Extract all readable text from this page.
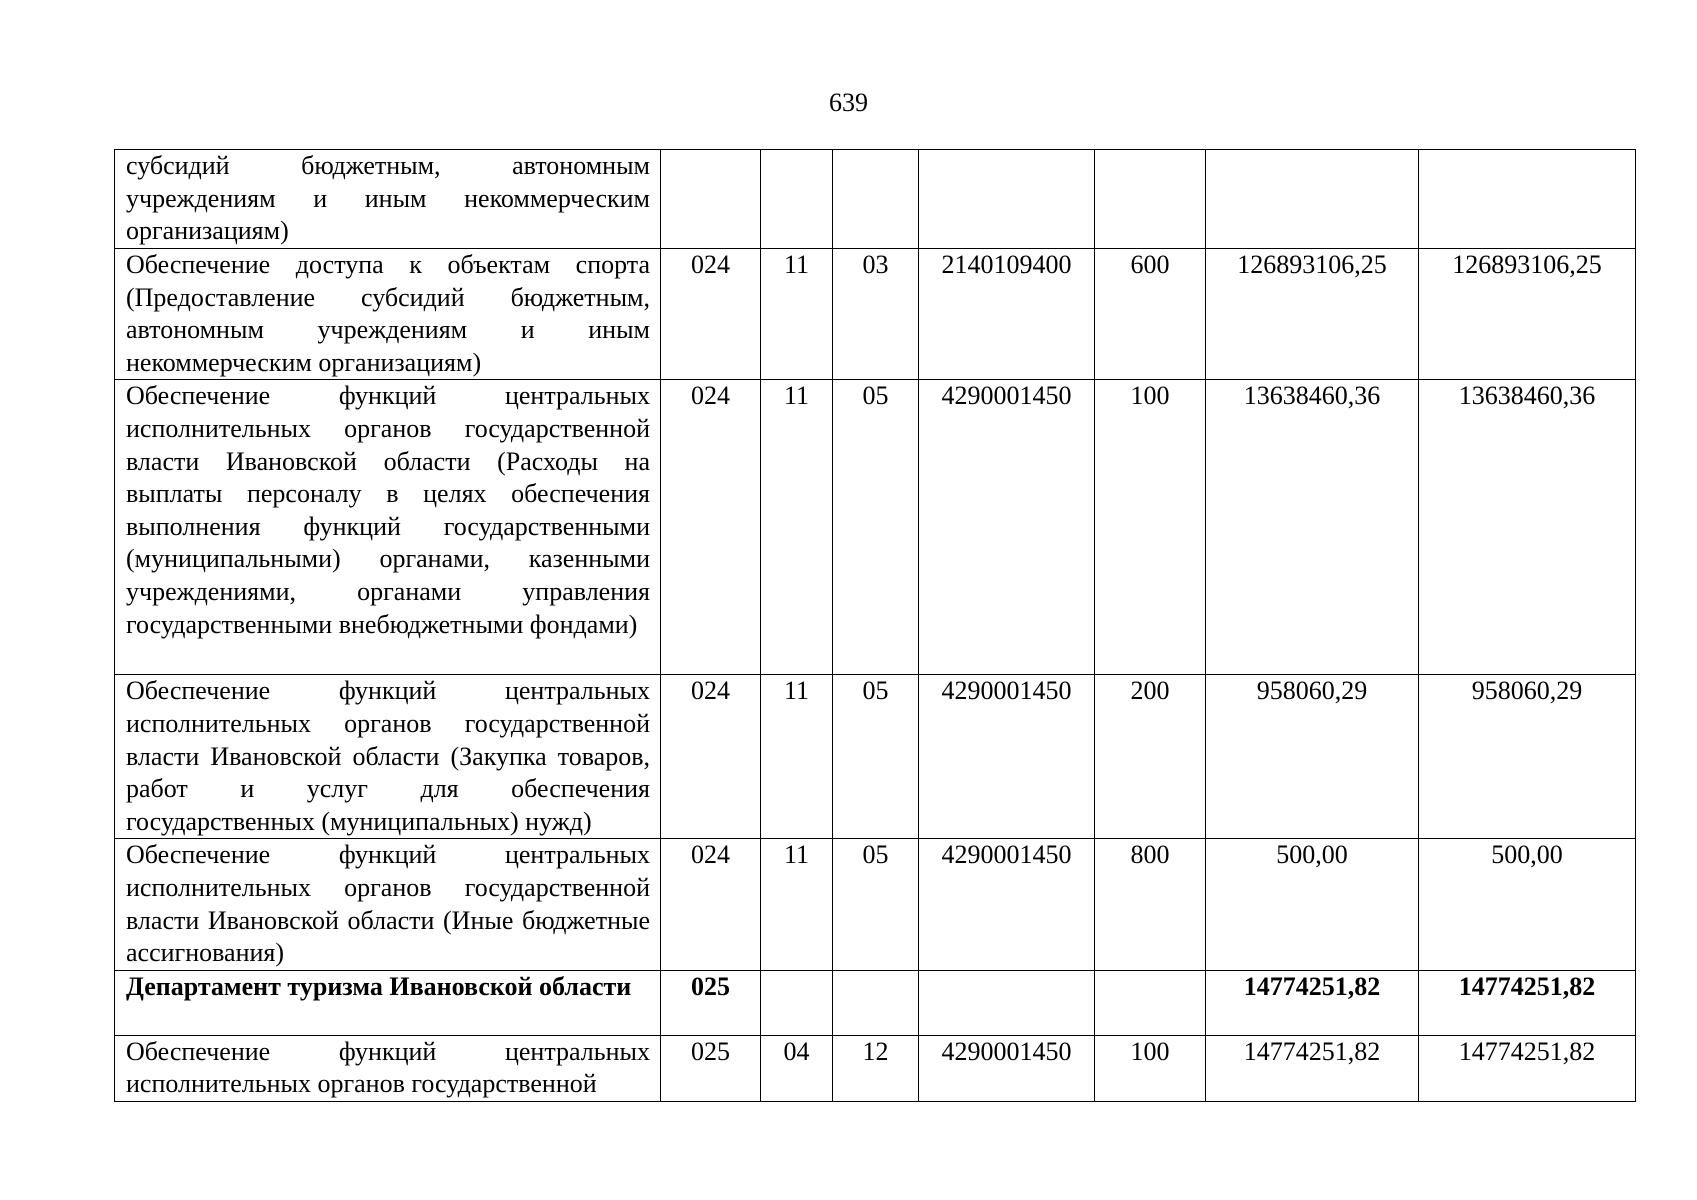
639
субсидий бюджетным, автономным учреждениям и иным некоммерческим организациям)							
Обеспечение доступа к объектам спорта (Предоставление субсидий бюджетным, автономным учреждениям и иным некоммерческим организациям)	024	11	03	2140109400	600	126893106,25	126893106,25
Обеспечение функций центральных исполнительных органов государственной власти Ивановской области (Расходы на выплаты персоналу в целях обеспечения выполнения функций государственными (муниципальными) органами, казенными учреждениями, органами управления государственными внебюджетными фондами)	024	11	05	4290001450	100	13638460,36	13638460,36
Обеспечение функций центральных исполнительных органов государственной власти Ивановской области (Закупка товаров, работ и услуг для обеспечения государственных (муниципальных) нужд)	024	11	05	4290001450	200	958060,29	958060,29
Обеспечение функций центральных исполнительных органов государственной власти Ивановской области (Иные бюджетные ассигнования)	024	11	05	4290001450	800	500,00	500,00
Департамент туризма Ивановской области	025					14774251,82	14774251,82
Обеспечение функций центральных исполнительных органов государственной	025	04	12	4290001450	100	14774251,82	14774251,82
